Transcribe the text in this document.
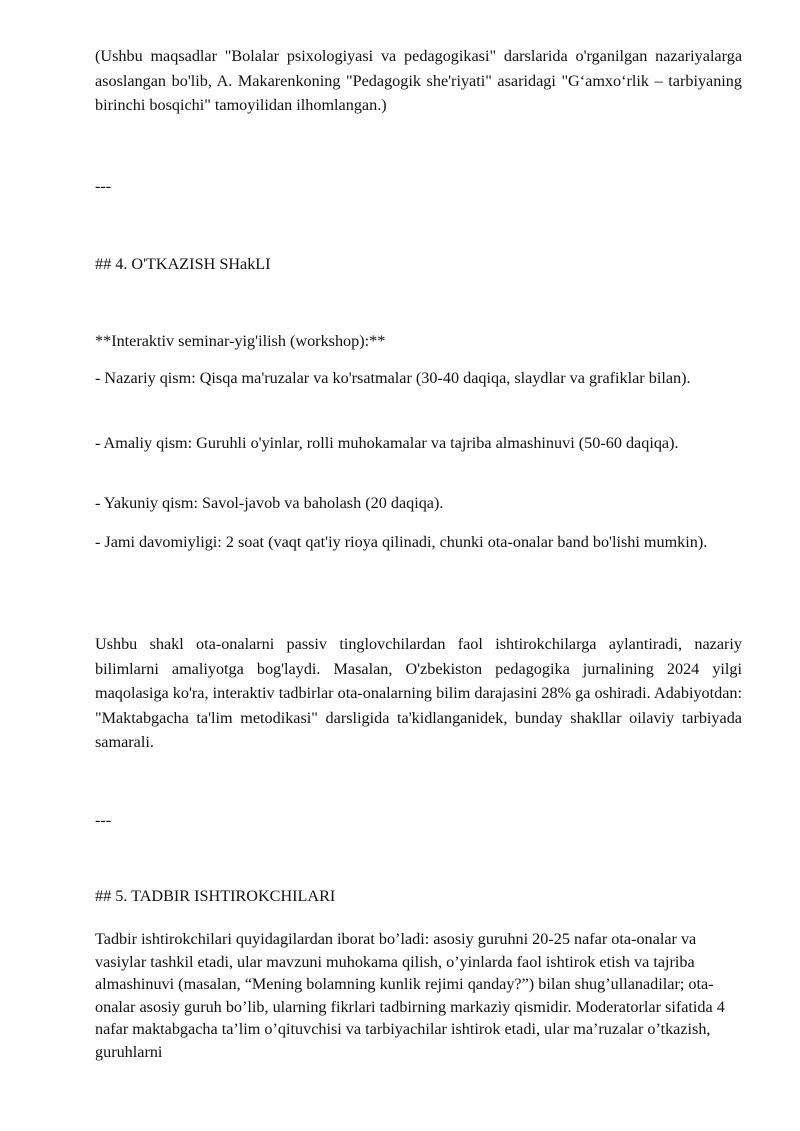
(Ushbu maqsadlar "Bolalar psixologiyasi va pedagogikasi" darslarida o'rganilgan nazariyalarga asoslangan bo'lib, A. Makarenkoning "Pedagogik she'riyati" asaridagi "G‘amxo‘rlik – tarbiyaning birinchi bosqichi" tamoyilidan ilhomlangan.)

---

## 4. O'TKAZISH SHakLI

**Interaktiv seminar-yig'ilish (workshop):**

- Nazariy qism: Qisqa ma'ruzalar va ko'rsatmalar (30-40 daqiqa, slaydlar va grafiklar bilan).

- Amaliy qism: Guruhli o'yinlar, rolli muhokamalar va tajriba almashinuvi (50-60 daqiqa).

- Yakuniy qism: Savol-javob va baholash (20 daqiqa).

- Jami davomiyligi: 2 soat (vaqt qat'iy rioya qilinadi, chunki ota-onalar band bo'lishi mumkin).

Ushbu shakl ota-onalarni passiv tinglovchilardan faol ishtirokchilarga aylantiradi, nazariy bilimlarni amaliyotga bog'laydi. Masalan, O'zbekiston pedagogika jurnalining 2024 yilgi maqolasiga ko'ra, interaktiv tadbirlar ota-onalarning bilim darajasini 28% ga oshiradi. Adabiyotdan: "Maktabgacha ta'lim metodikasi" darsligida ta'kidlanganidek, bunday shakllar oilaviy tarbiyada samarali.

---

## 5. TADBIR ISHTIROKCHILARI

Tadbir ishtirokchilari quyidagilardan iborat bo’ladi: asosiy guruhni 20-25 nafar ota-onalar va vasiylar tashkil etadi, ular mavzuni muhokama qilish, o’yinlarda faol ishtirok etish va tajriba almashinuvi (masalan, “Mening bolamning kunlik rejimi qanday?”) bilan shug’ullanadilar; ota-onalar asosiy guruh bo’lib, ularning fikrlari tadbirning markaziy qismidir. Moderatorlar sifatida 4 nafar maktabgacha ta’lim o’qituvchisi va tarbiyachilar ishtirok etadi, ular ma’ruzalar o’tkazish, guruhlarni
